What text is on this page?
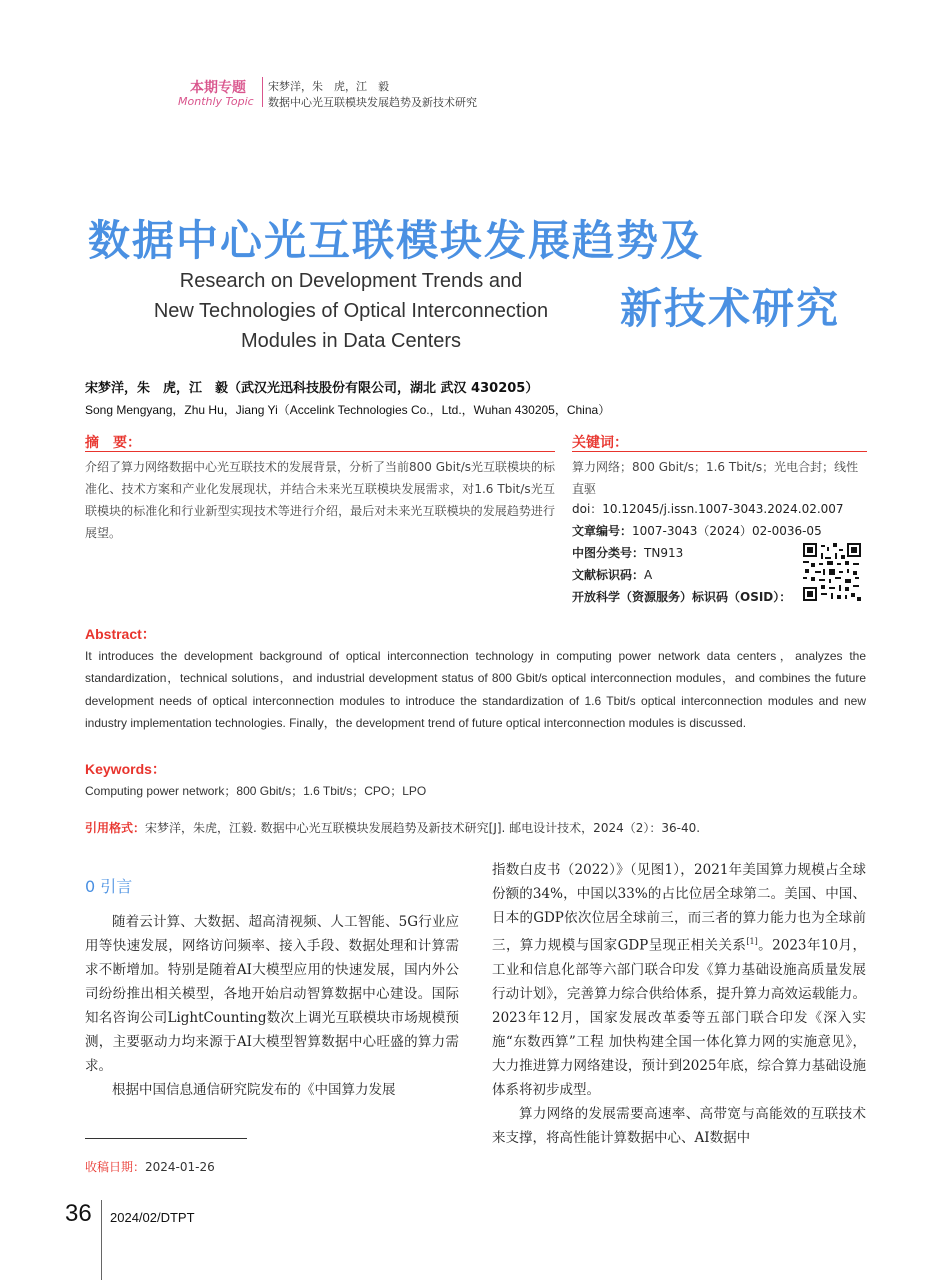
本期专题
Monthly Topic
宋梦洋，朱　虎，江　毅
数据中心光互联模块发展趋势及新技术研究
数据中心光互联模块发展趋势及
新技术研究
Research on Development Trends and
New Technologies of Optical Interconnection
Modules in Data Centers
宋梦洋，朱　虎，江　毅（武汉光迅科技股份有限公司，湖北 武汉 430205）
Song Mengyang，Zhu Hu，Jiang Yi（Accelink Technologies Co.，Ltd.，Wuhan 430205，China）
摘　要：
介绍了算力网络数据中心光互联技术的发展背景，分析了当前800 Gbit/s光互联模块的标准化、技术方案和产业化发展现状，并结合未来光互联模块发展需求，对1.6 Tbit/s光互联模块的标准化和行业新型实现技术等进行介绍，最后对未来光互联模块的发展趋势进行展望。
关键词：
算力网络；800 Gbit/s；1.6 Tbit/s；光电合封；线性直驱
doi：10.12045/j.issn.1007-3043.2024.02.007
文章编号：1007-3043（2024）02-0036-05
中图分类号：TN913
文献标识码：A
开放科学（资源服务）标识码（OSID）：
Abstract：
It introduces the development background of optical interconnection technology in computing power network data centers，analyzes the standardization，technical solutions，and industrial development status of 800 Gbit/s optical interconnection modules，and combines the future development needs of optical interconnection modules to introduce the standardization of 1.6 Tbit/s optical interconnection modules and new industry implementation technologies. Finally，the development trend of future optical interconnection modules is discussed.
Keywords：
Computing power network；800 Gbit/s；1.6 Tbit/s；CPO；LPO
引用格式：宋梦洋，朱虎，江毅. 数据中心光互联模块发展趋势及新技术研究[J]. 邮电设计技术，2024（2）：36-40.
0 引言

随着云计算、大数据、超高清视频、人工智能、5G行业应用等快速发展，网络访问频率、接入手段、数据处理和计算需求不断增加。特别是随着AI大模型应用的快速发展，国内外公司纷纷推出相关模型，各地开始启动智算数据中心建设。国际知名咨询公司LightCounting数次上调光互联模块市场规模预测，主要驱动力均来源于AI大模型智算数据中心旺盛的算力需求。

根据中国信息通信研究院发布的《中国算力发展

指数白皮书（2022）》（见图1），2021年美国算力规模占全球份额的34%，中国以33%的占比位居全球第二。美国、中国、日本的GDP依次位居全球前三，而三者的算力能力也为全球前三，算力规模与国家GDP呈现正相关关系[1]。2023年10月，工业和信息化部等六部门联合印发《算力基础设施高质量发展行动计划》，完善算力综合供给体系，提升算力高效运载能力。2023年12月，国家发展改革委等五部门联合印发《深入实施“东数西算”工程 加快构建全国一体化算力网的实施意见》，大力推进算力网络建设，预计到2025年底，综合算力基础设施体系将初步成型。

算力网络的发展需要高速率、高带宽与高能效的互联技术来支撑，将高性能计算数据中心、AI数据中

收稿日期：2024-01-26
36 2024/02/DTPT
